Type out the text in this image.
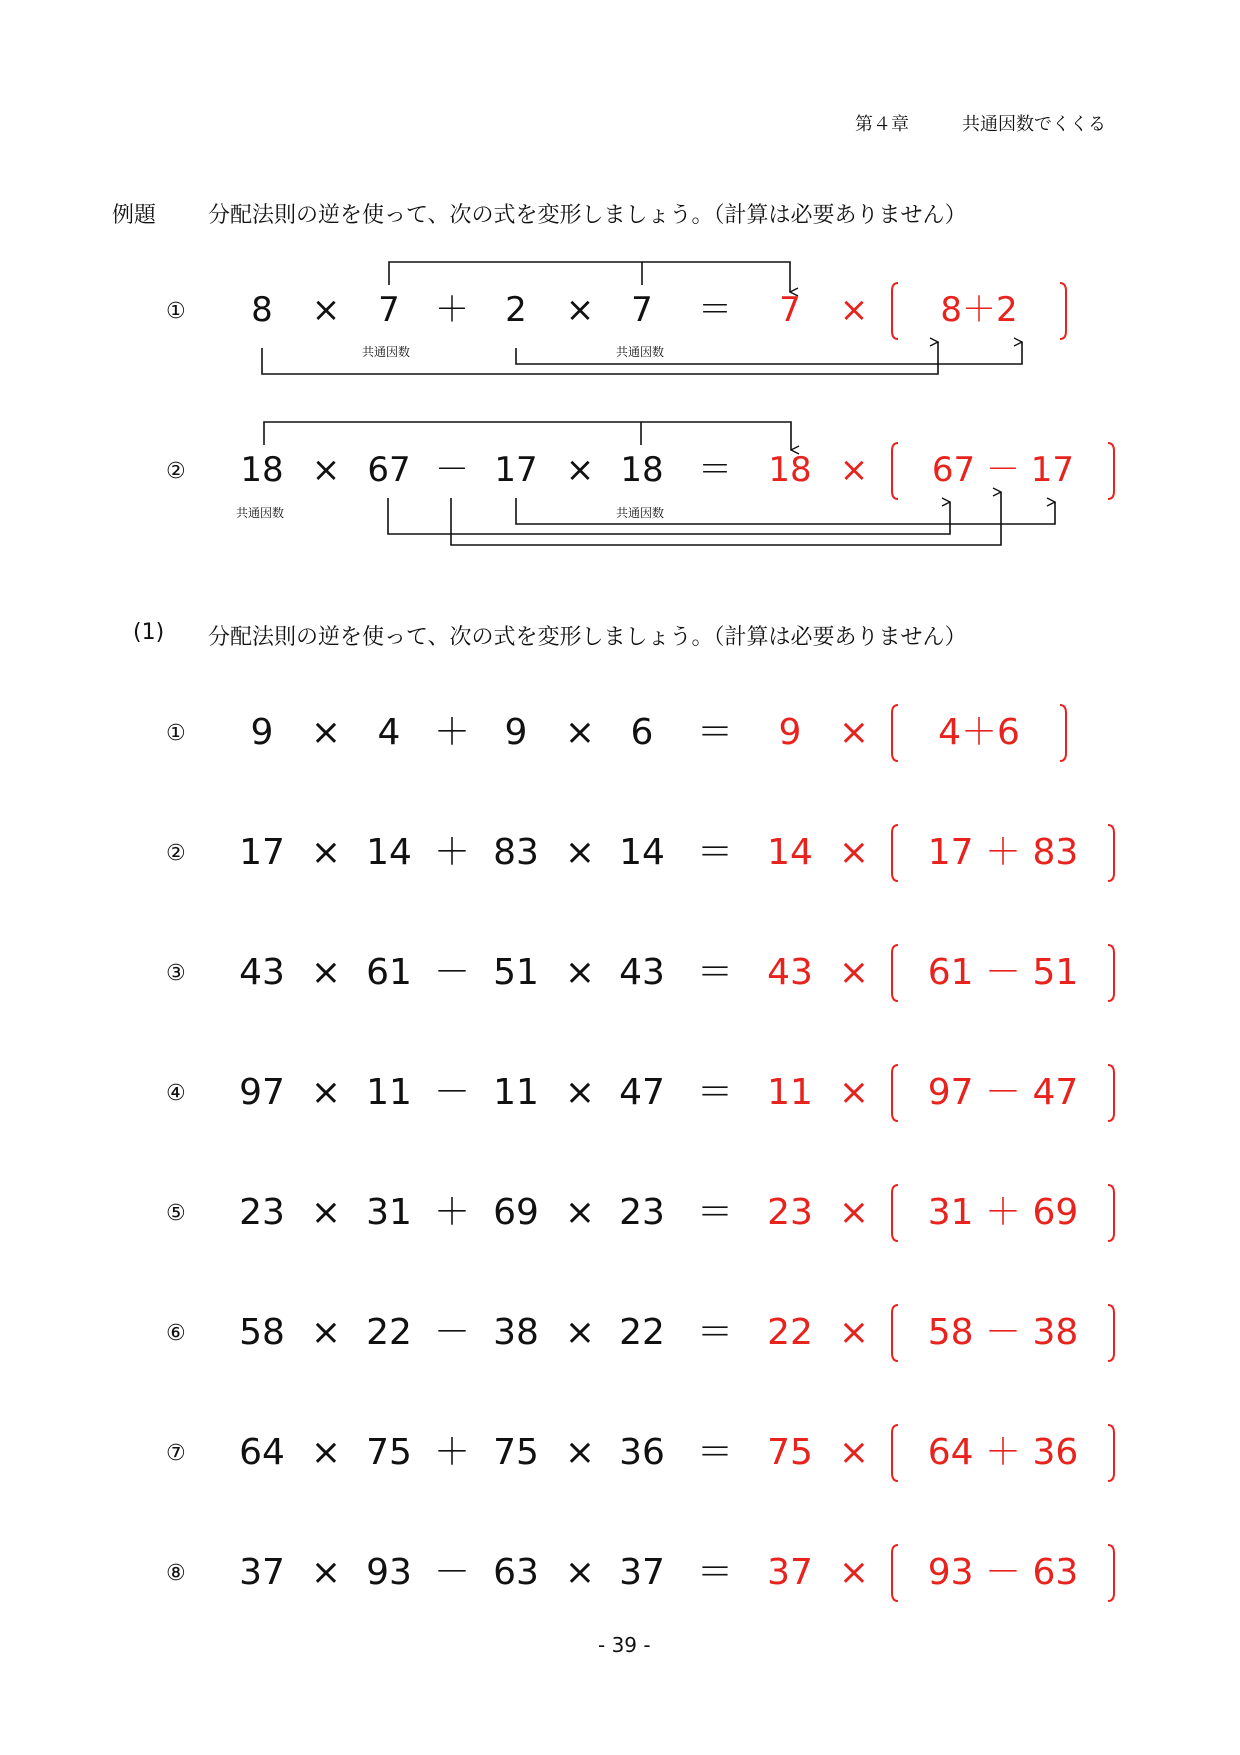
第４章	共通因数でくくる
例題 分配法則の逆を使って、次の式を変形しましょう。（計算は必要ありません）
① 8 × 7 ＋ 2 × 7 ＝ 7 × 8＋2
② 18 × 67 － 17 × 18 ＝ 18 × 67 － 17
共通因数	共通因数
共通因数	共通因数
(1) 分配法則の逆を使って、次の式を変形しましょう。（計算は必要ありません）
① 9 × 4 ＋ 9 × 6 ＝ 9 × 4＋6
② 17 × 14 ＋ 83 × 14 ＝ 14 × 17 ＋ 83
③ 43 × 61 － 51 × 43 ＝ 43 × 61 － 51
④ 97 × 11 － 11 × 47 ＝ 11 × 97 － 47
⑤ 23 × 31 ＋ 69 × 23 ＝ 23 × 31 ＋ 69
⑥ 58 × 22 － 38 × 22 ＝ 22 × 58 － 38
⑦ 64 × 75 ＋ 75 × 36 ＝ 75 × 64 ＋ 36
⑧ 37 × 93 － 63 × 37 ＝ 37 × 93 － 63
- 39 -
